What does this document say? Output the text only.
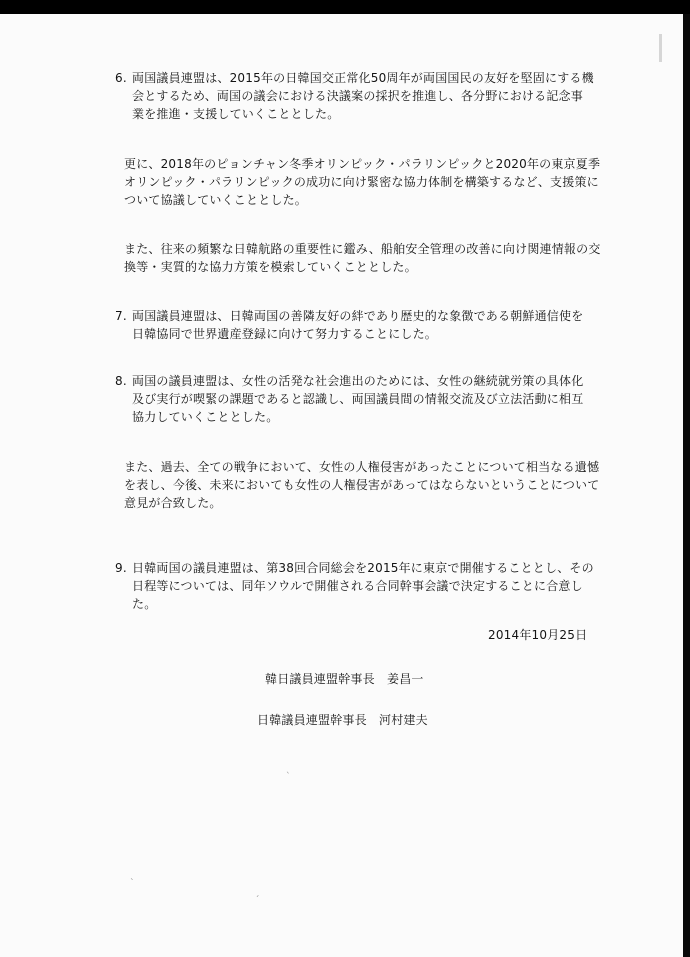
6. 両国議員連盟は、2015年の日韓国交正常化50周年が両国国民の友好を堅固にする機会とするため、両国の議会における決議案の採択を推進し、各分野における記念事業を推進・支援していくこととした。

更に、2018年のピョンチャン冬季オリンピック・パラリンピックと2020年の東京夏季オリンピック・パラリンピックの成功に向け緊密な協力体制を構築するなど、支援策について協議していくこととした。

また、往来の頻繁な日韓航路の重要性に鑑み、船舶安全管理の改善に向け関連情報の交換等・実質的な協力方策を模索していくこととした。

7. 両国議員連盟は、日韓両国の善隣友好の絆であり歴史的な象徴である朝鮮通信使を日韓協同で世界遺産登録に向けて努力することにした。
8. 両国の議員連盟は、女性の活発な社会進出のためには、女性の継続就労策の具体化及び実行が喫緊の課題であると認識し、両国議員間の情報交流及び立法活動に相互協力していくこととした。

また、過去、全ての戦争において、女性の人権侵害があったことについて相当なる遺憾を表し、今後、未来においても女性の人権侵害があってはならないということについて意見が合致した。

9. 日韓両国の議員連盟は、第38回合同総会を2015年に東京で開催することとし、その日程等については、同年ソウルで開催される合同幹事会議で決定することに合意した。
2014年10月25日
韓日議員連盟幹事長　姜昌一
日韓議員連盟幹事長　河村建夫
ˋ
ˎ
ˏ
